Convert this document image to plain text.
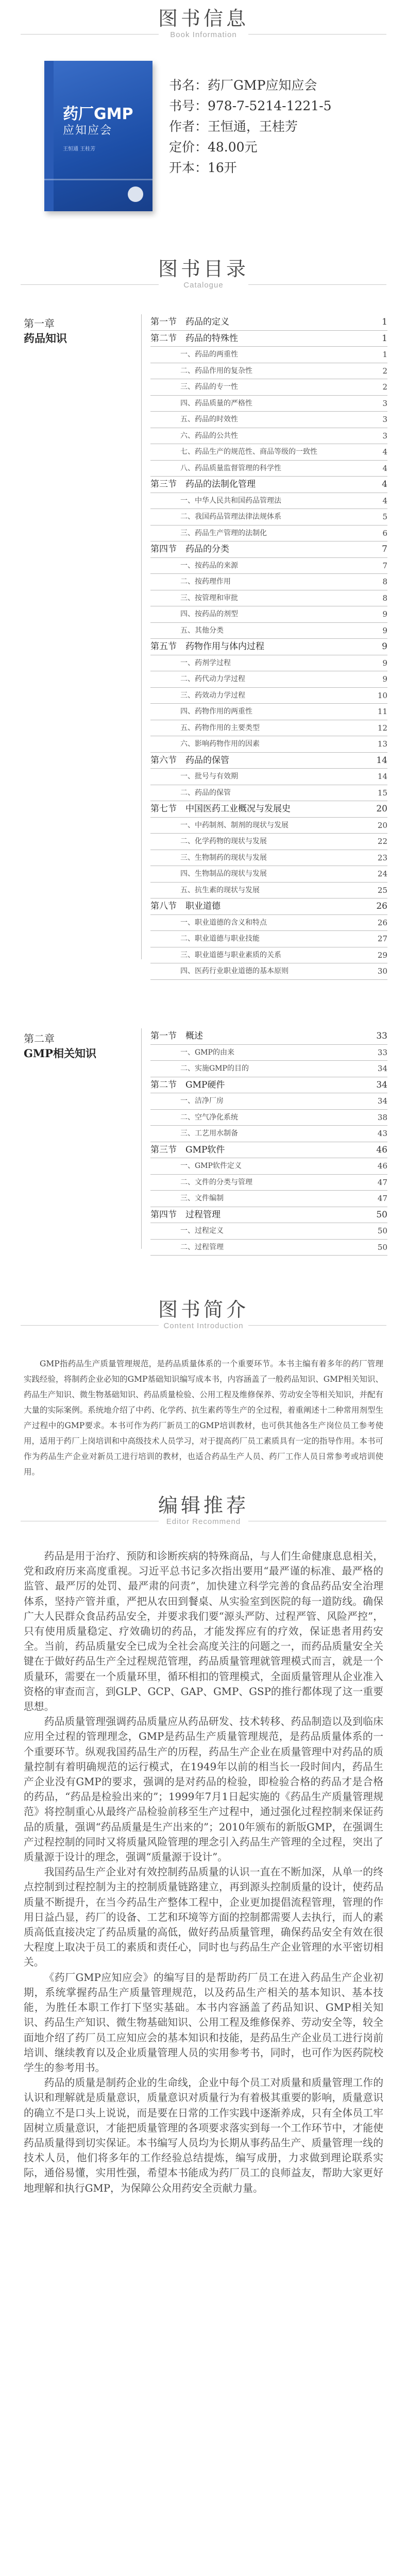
图书信息
Book Information
药厂GMP
应知应会
王恒通 王桂芳
书名：药厂GMP应知应会
书号：978-7-5214-1221-5
作者：王恒通，王桂芳
定价：48.00元
开本：16开
图书目录
Catalogue
第一章
药品知识
第一节　药品的定义	1
第二节　药品的特殊性	1
一、药品的两重性	1
二、药品作用的复杂性	2
三、药品的专一性	2
四、药品质量的严格性	3
五、药品的时效性	3
六、药品的公共性	3
七、药品生产的规范性、商品等级的一致性	4
八、药品质量监督管理的科学性	4
第三节　药品的法制化管理	4
一、中华人民共和国药品管理法	4
二、我国药品管理法律法规体系	5
三、药品生产管理的法制化	6
第四节　药品的分类	7
一、按药品的来源	7
二、按药理作用	8
三、按管理和审批	8
四、按药品的剂型	9
五、其他分类	9
第五节　药物作用与体内过程	9
一、药剂学过程	9
二、药代动力学过程	9
三、药效动力学过程	10
四、药物作用的两重性	11
五、药物作用的主要类型	12
六、影响药物作用的因素	13
第六节　药品的保管	14
一、批号与有效期	14
二、药品的保管	15
第七节　中国医药工业概况与发展史	20
一、中药制剂、制剂的现状与发展	20
二、化学药物的现状与发展	22
三、生物制药的现状与发展	23
四、生物制品的现状与发展	24
五、抗生素的现状与发展	25
第八节　职业道德	26
一、职业道德的含义和特点	26
二、职业道德与职业技能	27
三、职业道德与职业素质的关系	29
四、医药行业职业道德的基本原则	30
第二章
GMP相关知识
第一节　概述	33
一、GMP的由来	33
二、实施GMP的目的	34
第二节　GMP硬件	34
一、洁净厂房	34
二、空气净化系统	38
三、工艺用水制备	43
第三节　GMP软件	46
一、GMP软件定义	46
二、文件的分类与管理	47
三、文件编制	47
第四节　过程管理	50
一、过程定义	50
二、过程管理	50
图书简介
Content Introduction
GMP指药品生产质量管理规范，是药品质量体系的一个重要环节。本书主编有着多年的药厂管理实践经验，将制药企业必知的GMP基础知识编写成本书，内容涵盖了一般药品知识、GMP相关知识、药品生产知识、微生物基础知识、药品质量检验、公用工程及维修保养、劳动安全等相关知识，并配有大量的实际案例。系统地介绍了中药、化学药、抗生素药等生产的全过程，着重阐述十二种常用剂型生产过程中的GMP要求。本书可作为药厂新员工的GMP培训教材，也可供其他各生产岗位员工参考使用，适用于药厂上岗培训和中高级技术人员学习，对于提高药厂员工素质具有一定的指导作用。本书可作为药品生产企业对新员工进行培训的教材，也适合药品生产人员、药厂工作人员日常参考或培训使用。
编辑推荐
Editor Recommend

药品是用于治疗、预防和诊断疾病的特殊商品，与人们生命健康息息相关，党和政府历来高度重视。习近平总书记多次指出要用“最严谨的标准、最严格的监管、最严厉的处罚、最严肃的问责”，加快建立科学完善的食品药品安全治理体系，坚持产管并重，严把从农田到餐桌、从实验室到医院的每一道防线。确保广大人民群众食品药品安全，并要求我们要“源头严防、过程严管、风险严控”，只有使用质量稳定、疗效确切的药品，才能发挥应有的疗效，保证患者用药安全。当前，药品质量安全已成为全社会高度关注的问题之一，而药品质量安全关键在于做好药品生产全过程规范管理，药品质量管理就管理模式而言，就是一个质量环，需要在一个质量环里，循环相扣的管理模式，全面质量管理从企业准入资格的审查而言，到GLP、GCP、GAP、GMP、GSP的推行都体现了这一重要思想。

药品质量管理强调药品质量应从药品研发、技术转移、药品制造以及到临床应用全过程的管理理念，GMP是药品生产质量管理规范，是药品质量体系的一个重要环节。纵观我国药品生产的历程，药品生产企业在质量管理中对药品的质量控制有着明确规范的运行模式，在1949年以前的相当长一段时间内，药品生产企业没有GMP的要求，强调的是对药品的检验，即检验合格的药品才是合格的药品，“药品是检验出来的”；1999年7月1日起实施的《药品生产质量管理规范》将控制重心从最终产品检验前移至生产过程中，通过强化过程控制来保证药品的质量，强调“药品质量是生产出来的”；2010年颁布的新版GMP，在强调生产过程控制的同时又将质量风险管理的理念引入药品生产管理的全过程，突出了质量源于设计的理念，强调“质量源于设计”。

我国药品生产企业对有效控制药品质量的认识一直在不断加深，从单一的终点控制到过程控制为主的控制质量链路建立，再到源头控制质量的设计，使药品质量不断提升，在当今药品生产整体工程中，企业更加提倡流程管理，管理的作用日益凸显，药厂的设备、工艺和环境等方面的控制都需要人去执行，而人的素质高低直接决定了药品质量的高低，做好药品质量管理，确保药品安全有效在很大程度上取决于员工的素质和责任心，同时也与药品生产企业管理的水平密切相关。

《药厂GMP应知应会》的编写目的是帮助药厂员工在进入药品生产企业初期，系统掌握药品生产质量管理规范，以及药品生产相关的基本知识、基本技能，为胜任本职工作打下坚实基础。本书内容涵盖了药品知识、GMP相关知识、药品生产知识、微生物基础知识、公用工程及维修保养、劳动安全等，较全面地介绍了药厂员工应知应会的基本知识和技能，是药品生产企业员工进行岗前培训、继续教育以及企业质量管理人员的实用参考书，同时，也可作为医药院校学生的参考用书。

药品的质量是制药企业的生命线，企业中每个员工对质量和质量管理工作的认识和理解就是质量意识，质量意识对质量行为有着极其重要的影响，质量意识的确立不是口头上说说，而是要在日常的工作实践中逐渐养成，只有全体员工牢固树立质量意识，才能把质量管理的各项要求落实到每一个工作环节中，才能使药品质量得到切实保证。本书编写人员均为长期从事药品生产、质量管理一线的技术人员，他们将多年的工作经验总结提炼，编写成册，力求做到理论联系实际，通俗易懂，实用性强，希望本书能成为药厂员工的良师益友，帮助大家更好地理解和执行GMP，为保障公众用药安全贡献力量。
